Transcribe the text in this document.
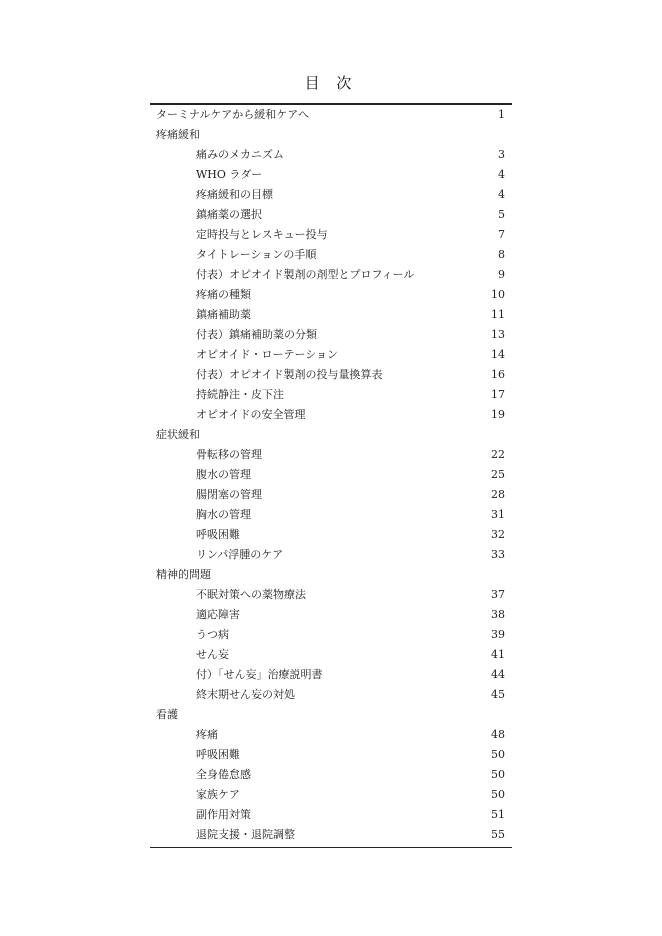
目 次
ターミナルケアから緩和ケアへ	1
疼痛緩和
痛みのメカニズム	3
WHO ラダー	4
疼痛緩和の目標	4
鎮痛薬の選択	5
定時投与とレスキュー投与	7
タイトレーションの手順	8
付表）オピオイド製剤の剤型とプロフィール	9
疼痛の種類	10
鎮痛補助薬	11
付表）鎮痛補助薬の分類	13
オピオイド・ローテーション	14
付表）オピオイド製剤の投与量換算表	16
持続静注・皮下注	17
オピオイドの安全管理	19
症状緩和
骨転移の管理	22
腹水の管理	25
腸閉塞の管理	28
胸水の管理	31
呼吸困難	32
リンパ浮腫のケア	33
精神的問題
不眠対策への薬物療法	37
適応障害	38
うつ病	39
せん妄	41
付）「せん妄」治療説明書	44
終末期せん妄の対処	45
看護
疼痛	48
呼吸困難	50
全身倦怠感	50
家族ケア	50
副作用対策	51
退院支援・退院調整	55
